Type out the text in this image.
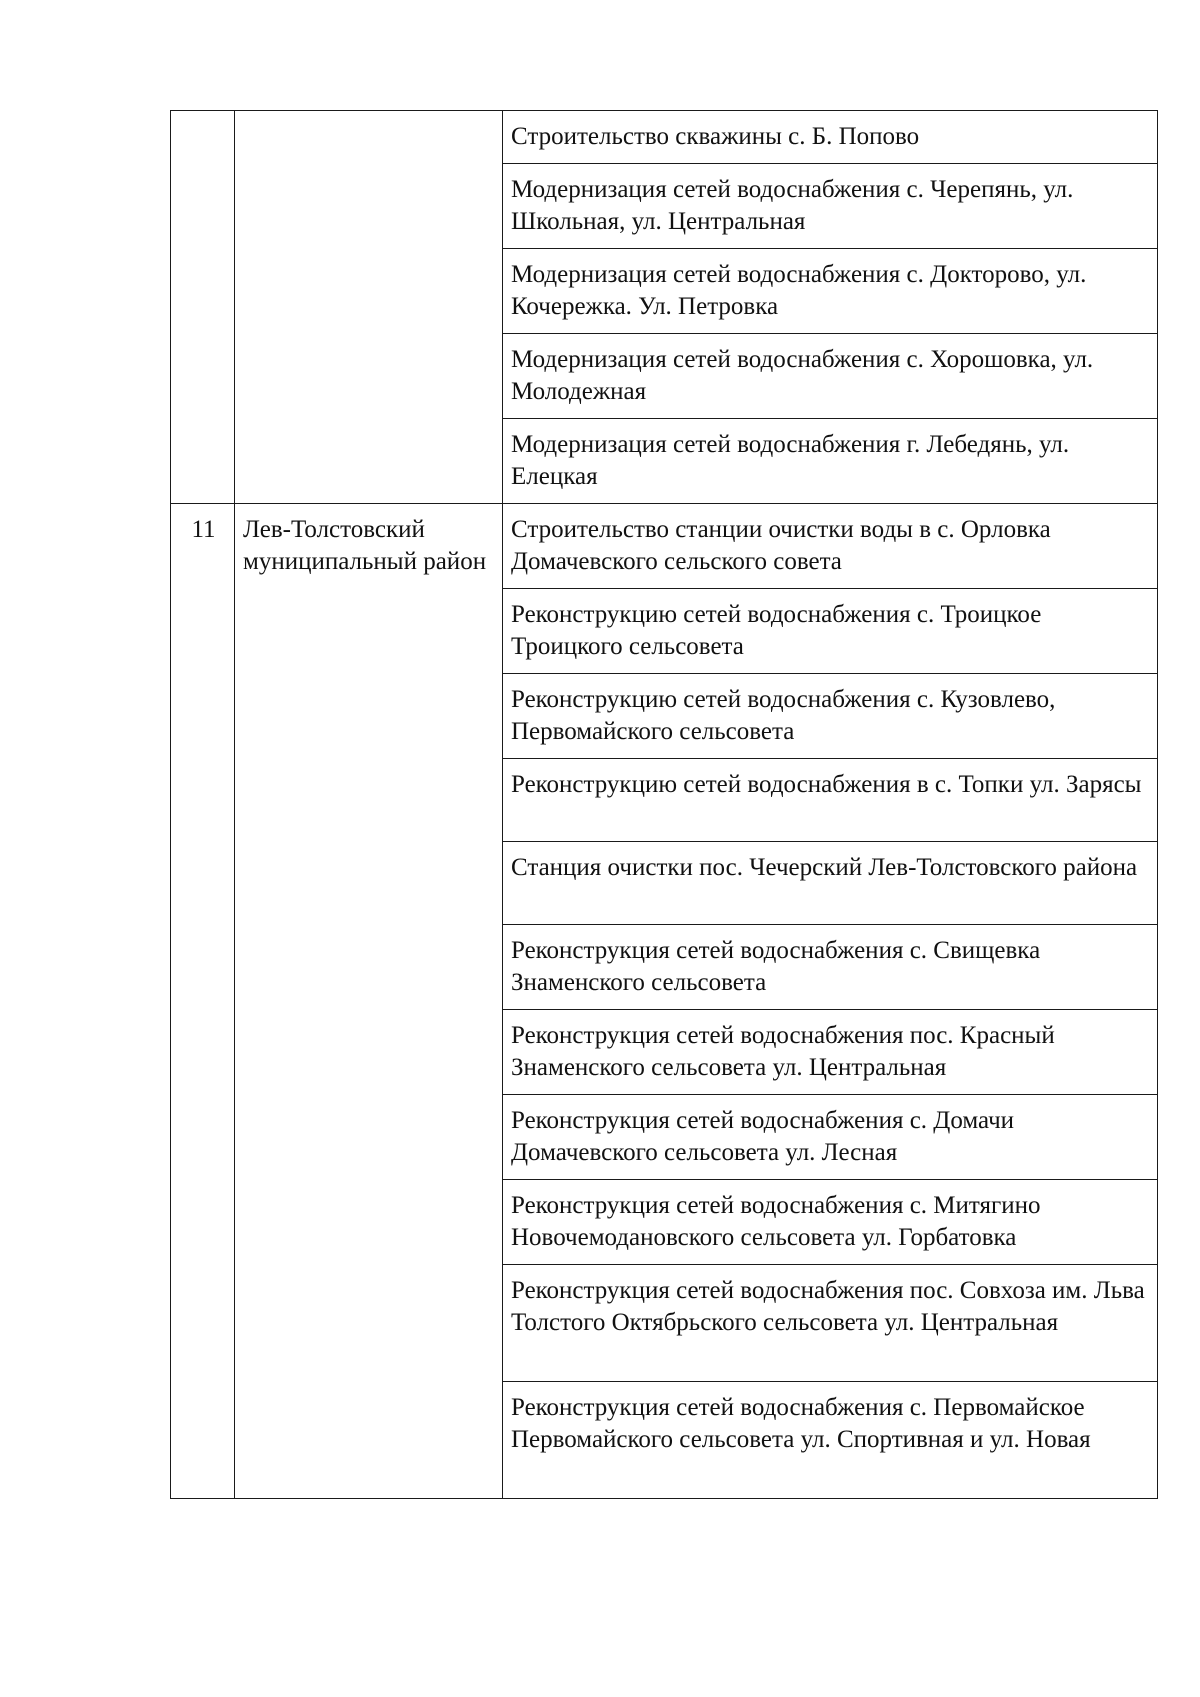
		Строительство скважины с. Б. Попово
		Модернизация сетей водоснабжения с. Черепянь, ул. Школьная, ул. Центральная
		Модернизация сетей водоснабжения с. Докторово, ул. Кочережка. Ул. Петровка
		Модернизация сетей водоснабжения с. Хорошовка, ул. Молодежная
		Модернизация сетей водоснабжения г. Лебедянь, ул. Елецкая
11	Лев-Толстовский муниципальный район	Строительство станции очистки воды в с. Орловка Домачевского сельского совета
		Реконструкцию сетей водоснабжения с. Троицкое Троицкого сельсовета
		Реконструкцию сетей водоснабжения с. Кузовлево, Первомайского сельсовета
		Реконструкцию сетей водоснабжения в с. Топки ул. Зарясы
		Станция очистки пос. Чечерский Лев-Толстовского района
		Реконструкция сетей водоснабжения с. Свищевка Знаменского сельсовета
		Реконструкция сетей водоснабжения пос. Красный Знаменского сельсовета ул. Центральная
		Реконструкция сетей водоснабжения с. Домачи Домачевского сельсовета ул. Лесная
		Реконструкция сетей водоснабжения с. Митягино Новочемодановского сельсовета ул. Горбатовка
		Реконструкция сетей водоснабжения пос. Совхоза им. Льва Толстого Октябрьского сельсовета ул. Центральная
		Реконструкция сетей водоснабжения с. Первомайское Первомайского сельсовета ул. Спортивная и ул. Новая
